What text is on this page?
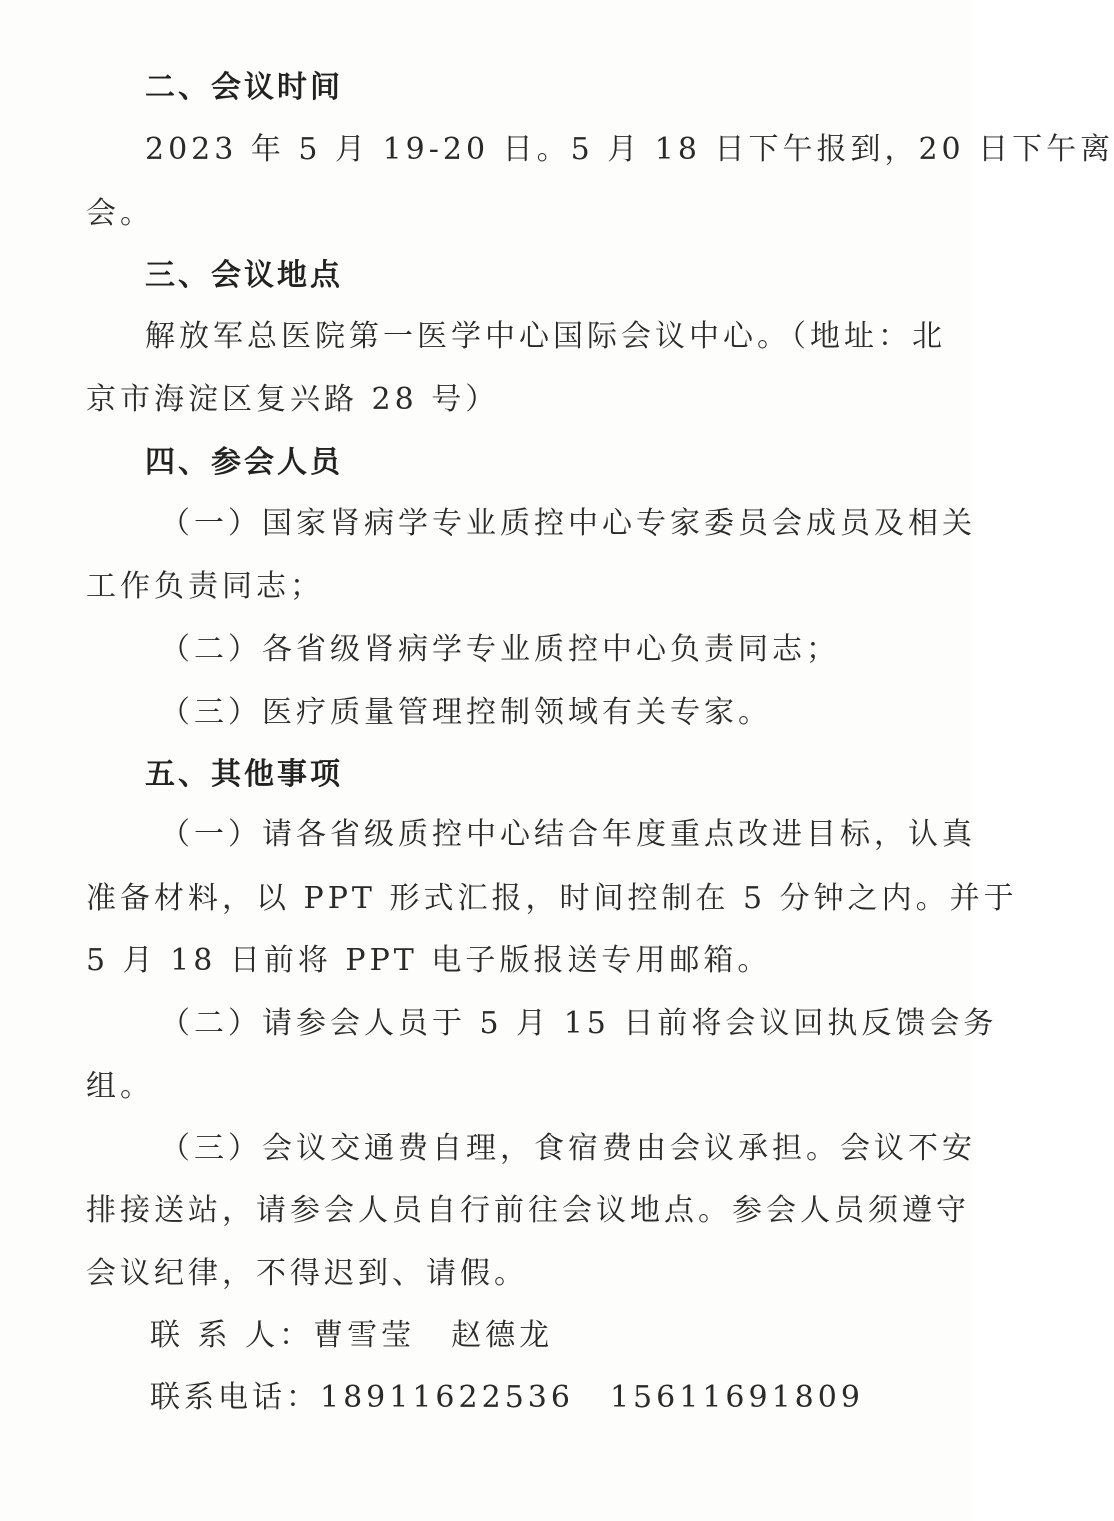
二、会议时间
2023 年 5 月 19-20 日。5 月 18 日下午报到，20 日下午离
会。
三、会议地点
解放军总医院第一医学中心国际会议中心。（地址：北
京市海淀区复兴路 28 号）
四、参会人员
（一）国家肾病学专业质控中心专家委员会成员及相关
工作负责同志；
（二）各省级肾病学专业质控中心负责同志；
（三）医疗质量管理控制领域有关专家。
五、其他事项
（一）请各省级质控中心结合年度重点改进目标，认真
准备材料，以 PPT 形式汇报，时间控制在 5 分钟之内。并于
5 月 18 日前将 PPT 电子版报送专用邮箱。
（二）请参会人员于 5 月 15 日前将会议回执反馈会务
组。
（三）会议交通费自理，食宿费由会议承担。会议不安
排接送站，请参会人员自行前往会议地点。参会人员须遵守
会议纪律，不得迟到、请假。
联 系 人：曹雪莹 赵德龙
联系电话：18911622536 15611691809
